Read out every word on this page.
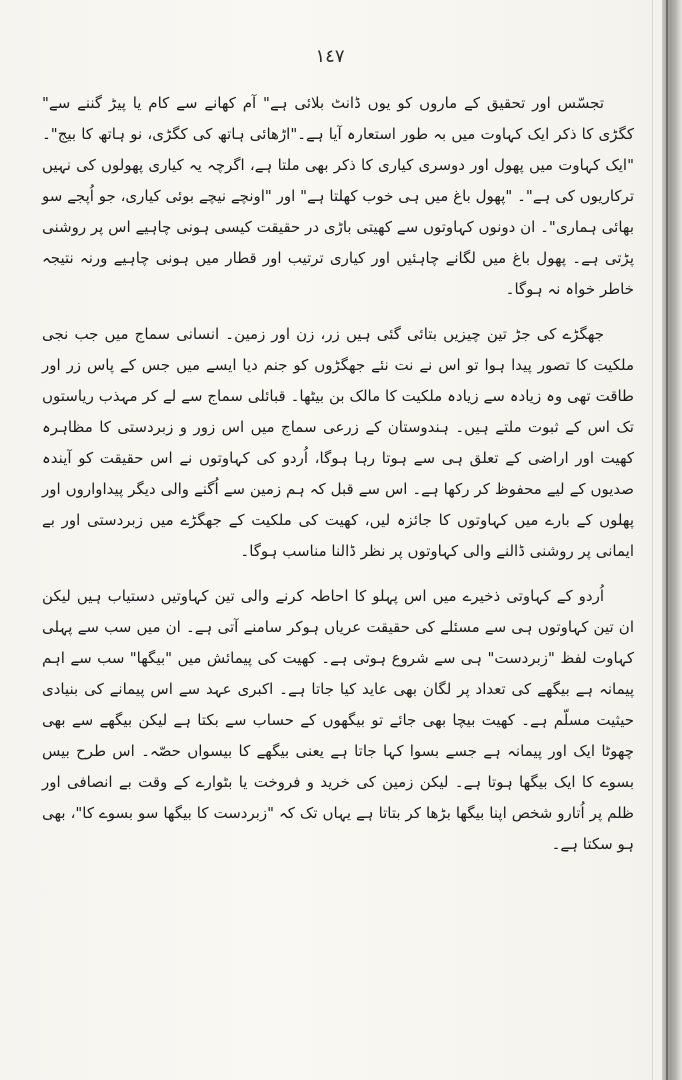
١٤٧

تجسّس اور تحقیق کے ماروں کو یوں ڈانٹ بلائی ہے" آم کھانے سے کام یا پیڑ گننے سے" کگڑی کا ذکر ایک کہاوت میں بہ طور استعارہ آیا ہے۔"اڑھائی ہاتھ کی کگڑی، نو ہاتھ کا بیج"۔ "ایک کہاوت میں پھول اور دوسری کیاری کا ذکر بھی ملتا ہے، اگرچہ یہ کیاری پھولوں کی نہیں ترکاریوں کی ہے"۔ "پھول باغ میں ہی خوب کھلتا ہے" اور "اونچے نیچے بوئی کیاری، جو اُپجے سو بھائی ہماری"۔ ان دونوں کہاوتوں سے کھیتی باڑی در حقیقت کیسی ہونی چاہیے اس پر روشنی پڑتی ہے۔ پھول باغ میں لگانے چاہئیں اور کیاری ترتیب اور قطار میں ہونی چاہیے ورنہ نتیجہ خاطر خواہ نہ ہوگا۔

جھگڑے کی جڑ تین چیزیں بتائی گئی ہیں زر، زن اور زمین۔ انسانی سماج میں جب نجی ملکیت کا تصور پیدا ہوا تو اس نے نت نئے جھگڑوں کو جنم دیا ایسے میں جس کے پاس زر اور طاقت تھی وہ زیادہ سے زیادہ ملکیت کا مالک بن بیٹھا۔ قبائلی سماج سے لے کر مہذب ریاستوں تک اس کے ثبوت ملتے ہیں۔ ہندوستان کے زرعی سماج میں اس زور و زبردستی کا مظاہرہ کھیت اور اراضی کے تعلق ہی سے ہوتا رہا ہوگا، اُردو کی کہاوتوں نے اس حقیقت کو آیندہ صدیوں کے لیے محفوظ کر رکھا ہے۔ اس سے قبل کہ ہم زمین سے اُگنے والی دیگر پیداواروں اور پھلوں کے بارے میں کہاوتوں کا جائزہ لیں، کھیت کی ملکیت کے جھگڑے میں زبردستی اور بے ایمانی پر روشنی ڈالنے والی کہاوتوں پر نظر ڈالنا مناسب ہوگا۔

اُردو کے کہاوتی ذخیرے میں اس پہلو کا احاطہ کرنے والی تین کہاوتیں دستیاب ہیں لیکن ان تین کہاوتوں ہی سے مسئلے کی حقیقت عریاں ہوکر سامنے آتی ہے۔ ان میں سب سے پہلی کہاوت لفظ "زبردست" ہی سے شروع ہوتی ہے۔ کھیت کی پیمائش میں "بیگھا" سب سے اہم پیمانہ ہے بیگھے کی تعداد پر لگان بھی عاید کیا جاتا ہے۔ اکبری عہد سے اس پیمانے کی بنیادی حیثیت مسلّم ہے۔ کھیت بیچا بھی جائے تو بیگھوں کے حساب سے بکتا ہے لیکن بیگھے سے بھی چھوٹا ایک اور پیمانہ ہے جسے بسوا کہا جاتا ہے یعنی بیگھے کا بیسواں حصّہ۔ اس طرح بیس بسوے کا ایک بیگھا ہوتا ہے۔ لیکن زمین کی خرید و فروخت یا بٹوارے کے وقت بے انصافی اور ظلم پر اُتارو شخص اپنا بیگھا بڑھا کر بتاتا ہے یہاں تک کہ "زبردست کا بیگھا سو بسوے کا"، بھی ہو سکتا ہے۔
